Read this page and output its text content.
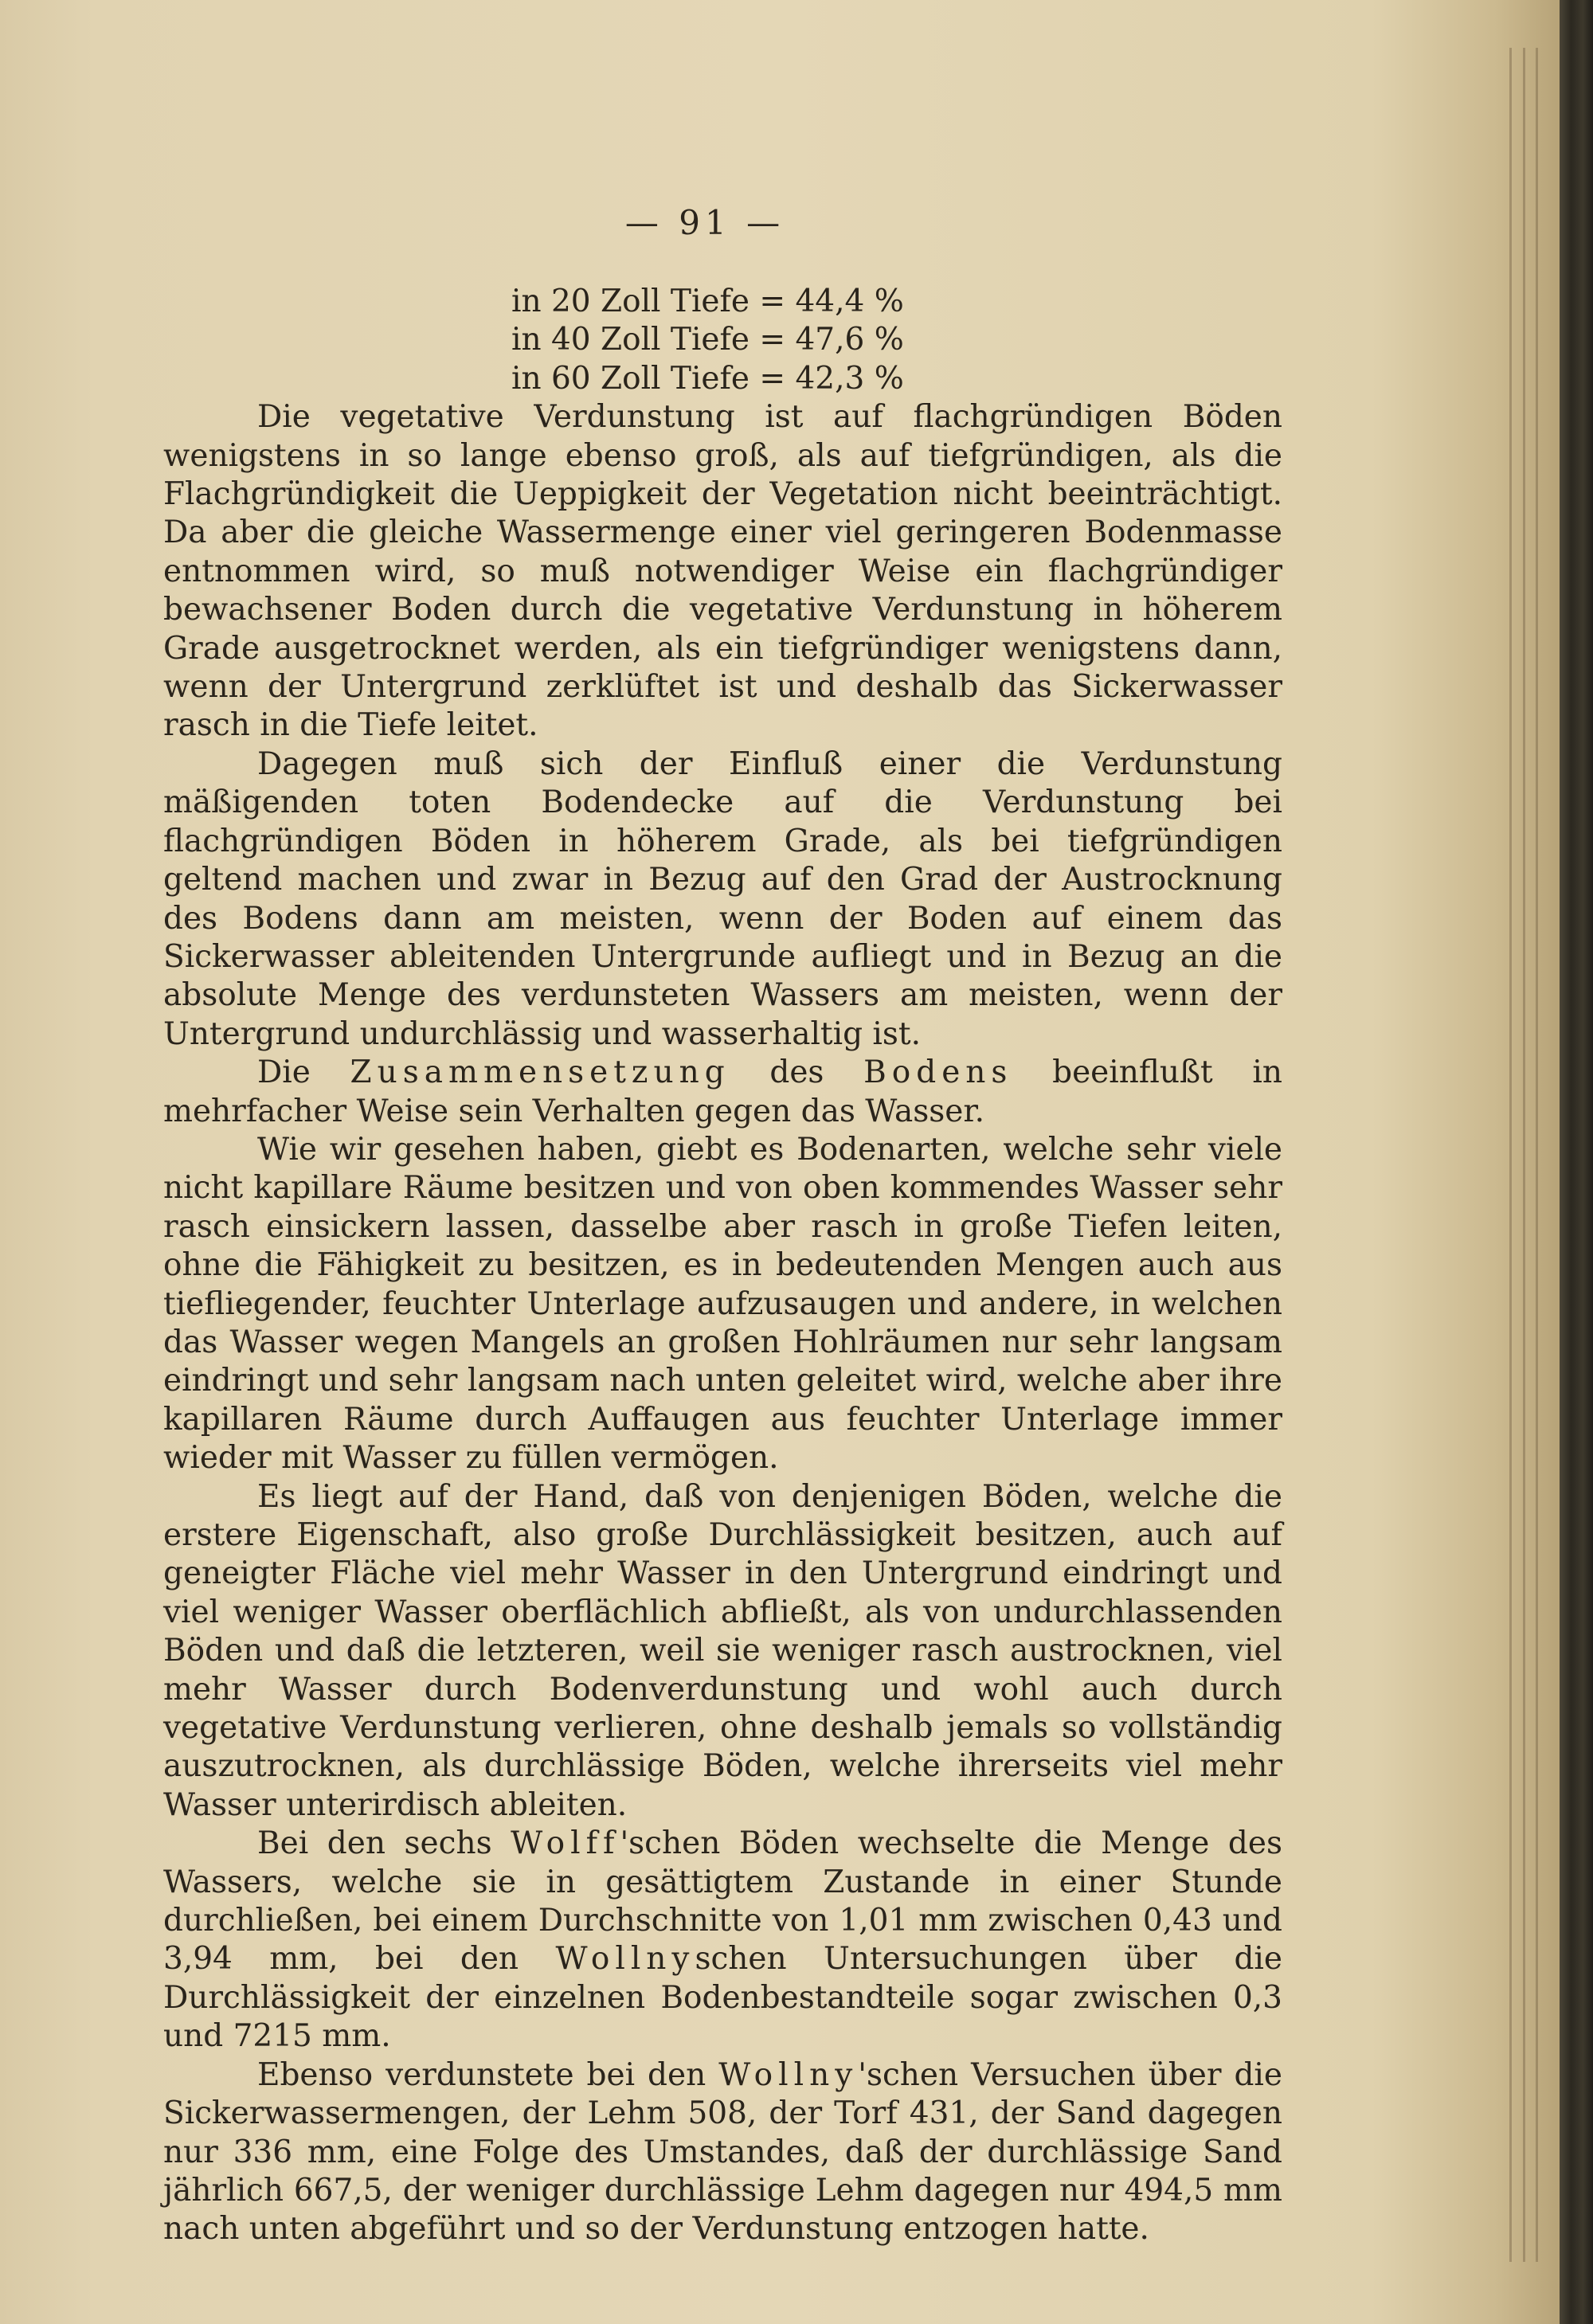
— 91 —

in 20 Zoll Tiefe = 44,4 %

in 40 Zoll Tiefe = 47,6 %

in 60 Zoll Tiefe = 42,3 %

Die vegetative Verdunstung ist auf flachgründigen Böden wenigstens in so lange ebenso groß, als auf tiefgründigen, als die Flachgründigkeit die Ueppigkeit der Vegetation nicht beeinträchtigt. Da aber die gleiche Wassermenge einer viel geringeren Bodenmasse entnommen wird, so muß notwendiger Weise ein flachgründiger bewachsener Boden durch die vegetative Verdunstung in höherem Grade ausgetrocknet werden, als ein tiefgründiger wenigstens dann, wenn der Untergrund zerklüftet ist und deshalb das Sickerwasser rasch in die Tiefe leitet.

Dagegen muß sich der Einfluß einer die Verdunstung mäßigenden toten Bodendecke auf die Verdunstung bei flachgründigen Böden in höherem Grade, als bei tiefgründigen geltend machen und zwar in Bezug auf den Grad der Austrocknung des Bodens dann am meisten, wenn der Boden auf einem das Sickerwasser ableitenden Untergrunde aufliegt und in Bezug an die absolute Menge des verdunsteten Wassers am meisten, wenn der Untergrund undurchlässig und wasserhaltig ist.

Die Zusammensetzung des Bodens beeinflußt in mehrfacher Weise sein Verhalten gegen das Wasser.

Wie wir gesehen haben, giebt es Bodenarten, welche sehr viele nicht kapillare Räume besitzen und von oben kommendes Wasser sehr rasch einsickern lassen, dasselbe aber rasch in große Tiefen leiten, ohne die Fähigkeit zu besitzen, es in bedeutenden Mengen auch aus tiefliegender, feuchter Unterlage aufzusaugen und andere, in welchen das Wasser wegen Mangels an großen Hohlräumen nur sehr langsam eindringt und sehr langsam nach unten geleitet wird, welche aber ihre kapillaren Räume durch Auffaugen aus feuchter Unterlage immer wieder mit Wasser zu füllen vermögen.

Es liegt auf der Hand, daß von denjenigen Böden, welche die erstere Eigenschaft, also große Durchlässigkeit besitzen, auch auf geneigter Fläche viel mehr Wasser in den Untergrund eindringt und viel weniger Wasser oberflächlich abfließt, als von undurchlassenden Böden und daß die letzteren, weil sie weniger rasch austrocknen, viel mehr Wasser durch Bodenverdunstung und wohl auch durch vegetative Verdunstung verlieren, ohne deshalb jemals so vollständig auszutrocknen, als durchlässige Böden, welche ihrerseits viel mehr Wasser unterirdisch ableiten.

Bei den sechs Wolff'schen Böden wechselte die Menge des Wassers, welche sie in gesättigtem Zustande in einer Stunde durchließen, bei einem Durchschnitte von 1,01 mm zwischen 0,43 und 3,94 mm, bei den Wollnyschen Untersuchungen über die Durchlässigkeit der einzelnen Bodenbestandteile sogar zwischen 0,3 und 7215 mm.

Ebenso verdunstete bei den Wollny'schen Versuchen über die Sickerwassermengen, der Lehm 508, der Torf 431, der Sand dagegen nur 336 mm, eine Folge des Umstandes, daß der durchlässige Sand jährlich 667,5, der weniger durchlässige Lehm dagegen nur 494,5 mm nach unten abgeführt und so der Verdunstung entzogen hatte.
